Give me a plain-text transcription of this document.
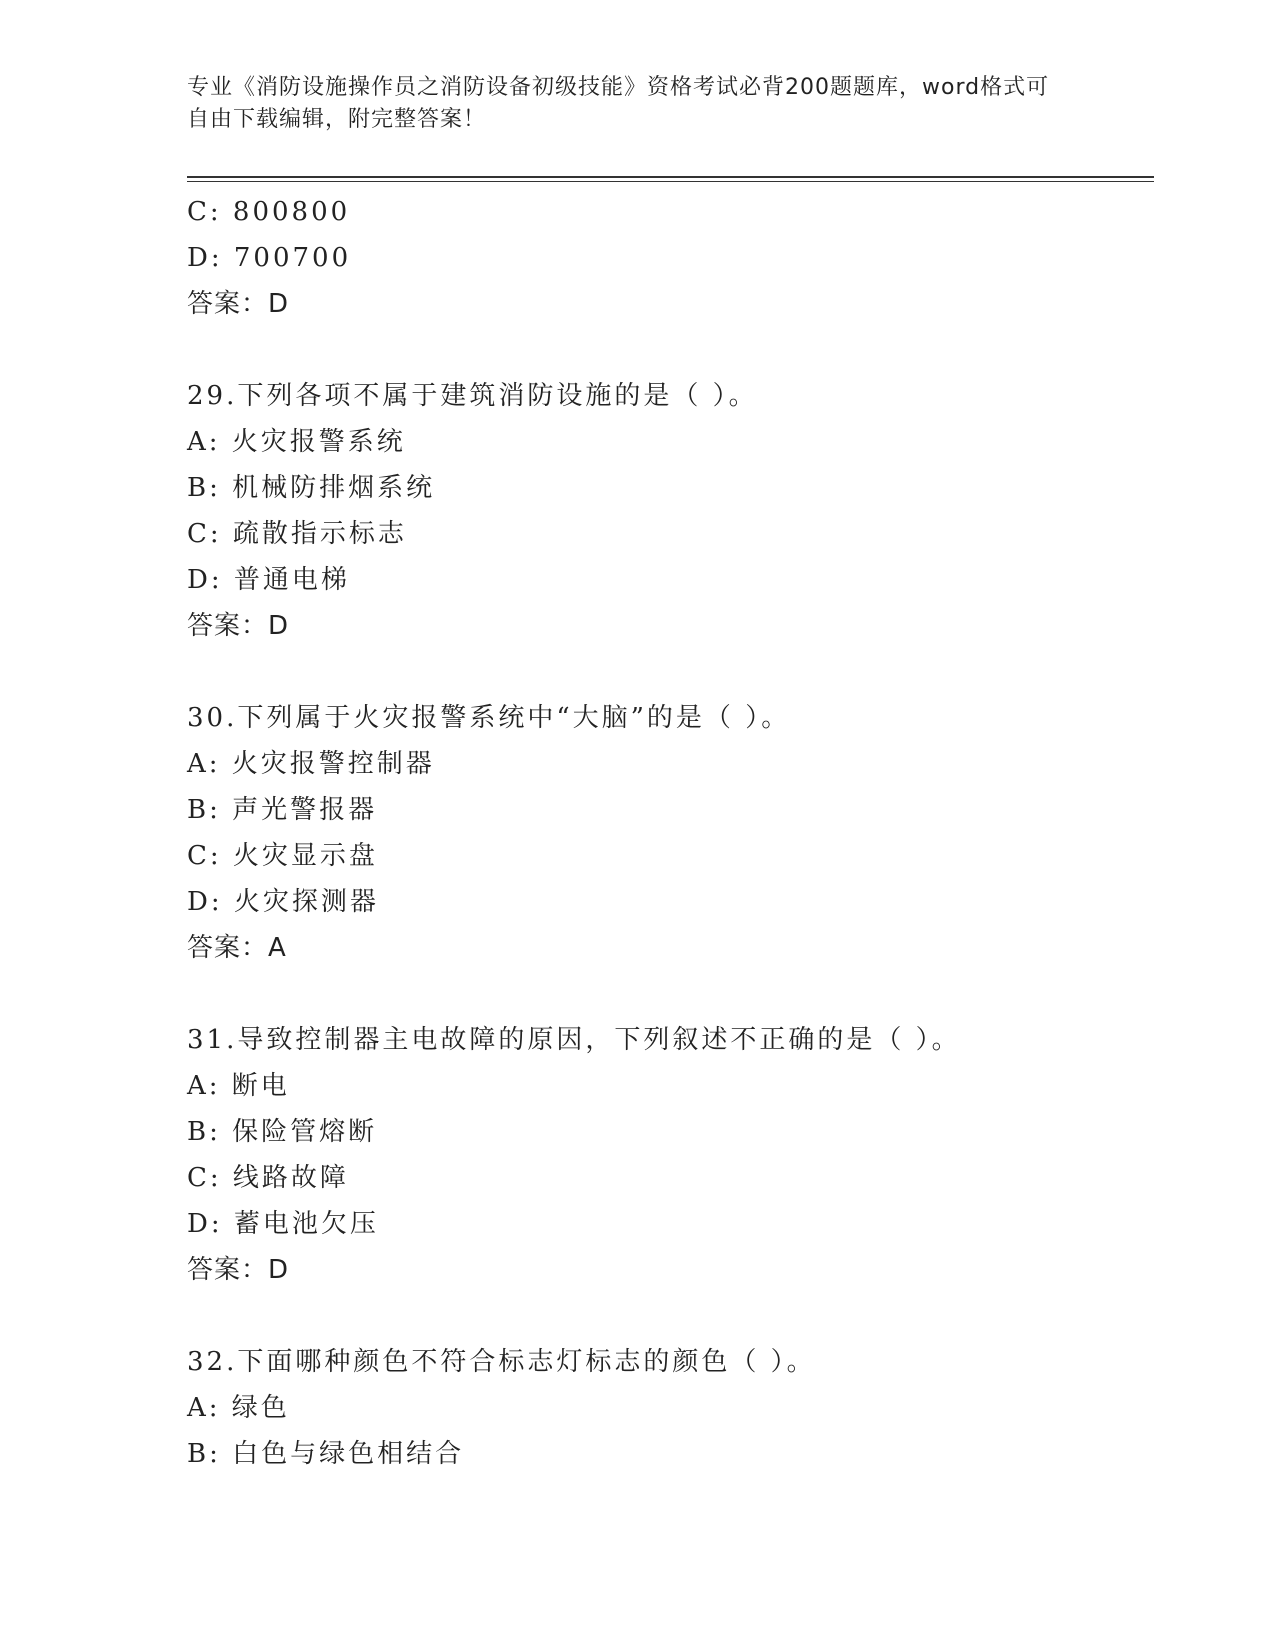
专业《消防设施操作员之消防设备初级技能》资格考试必背200题题库，word格式可自由下载编辑，附完整答案！
C: 800800
D: 700700
答案：D
29.下列各项不属于建筑消防设施的是（ ）。
A: 火灾报警系统
B: 机械防排烟系统
C: 疏散指示标志
D: 普通电梯
答案：D
30.下列属于火灾报警系统中“大脑”的是（ ）。
A: 火灾报警控制器
B: 声光警报器
C: 火灾显示盘
D: 火灾探测器
答案：A
31.导致控制器主电故障的原因，下列叙述不正确的是（ ）。
A: 断电
B: 保险管熔断
C: 线路故障
D: 蓄电池欠压
答案：D
32.下面哪种颜色不符合标志灯标志的颜色（ ）。
A: 绿色
B: 白色与绿色相结合
